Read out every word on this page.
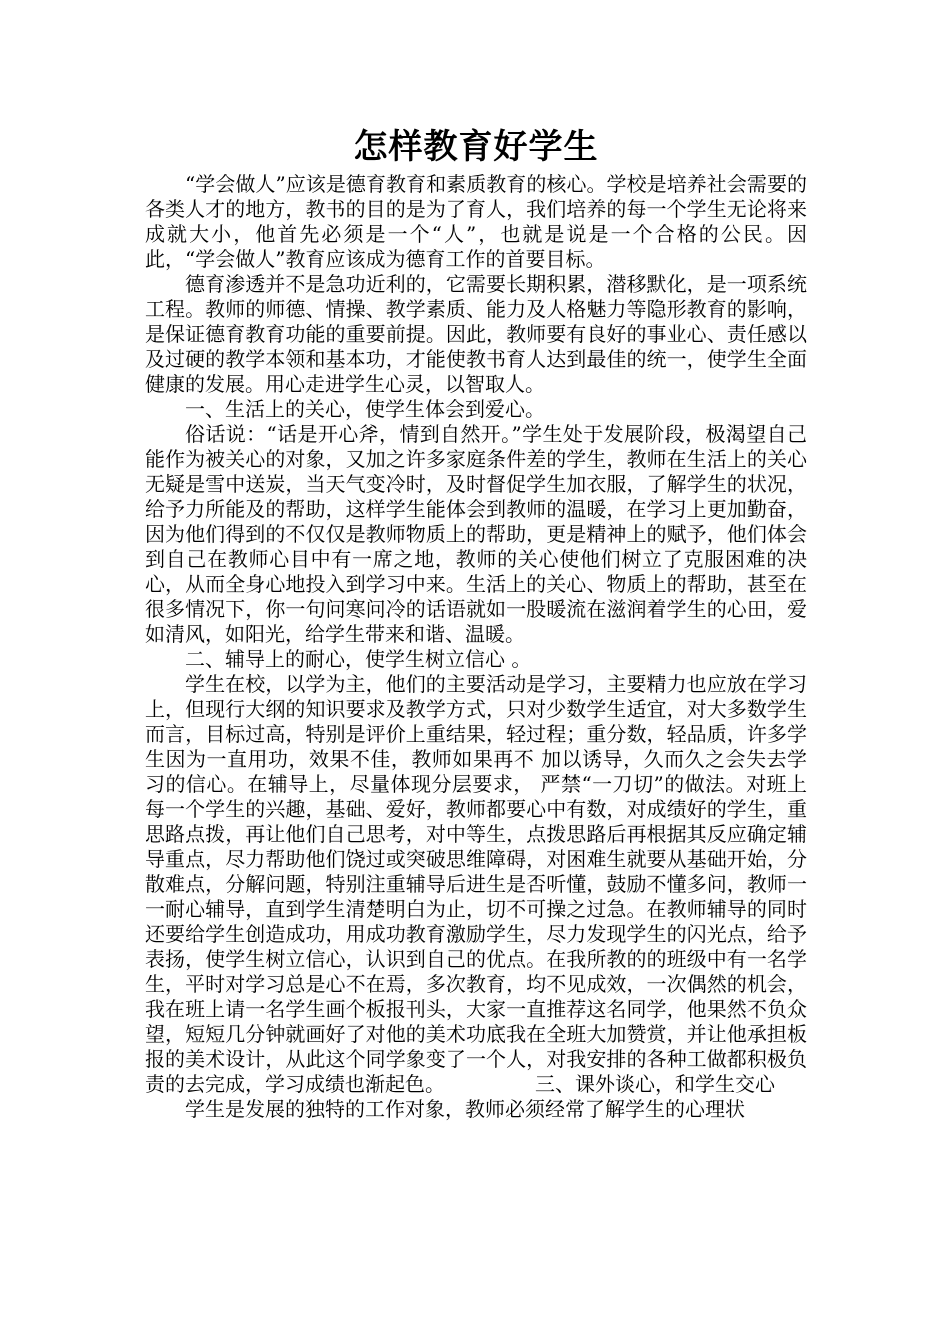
怎样教育好学生

“学会做人”应该是德育教育和素质教育的核心。学校是培养社会需要的各类人才的地方，教书的目的是为了育人，我们培养的每一个学生无论将来成就大小，他首先必须是一个“人”，也就是说是一个合格的公民。因此，“学会做人”教育应该成为德育工作的首要目标。

德育渗透并不是急功近利的，它需要长期积累，潜移默化，是一项系统工程。教师的师德、情操、教学素质、能力及人格魅力等隐形教育的影响，是保证德育教育功能的重要前提。因此，教师要有良好的事业心、责任感以及过硬的教学本领和基本功，才能使教书育人达到最佳的统一，使学生全面健康的发展。用心走进学生心灵，以智取人。

一、生活上的关心，使学生体会到爱心。

俗话说：“话是开心斧，情到自然开。”学生处于发展阶段，极渴望自己能作为被关心的对象，又加之许多家庭条件差的学生，教师在生活上的关心无疑是雪中送炭，当天气变冷时，及时督促学生加衣服，了解学生的状况，给予力所能及的帮助，这样学生能体会到教师的温暖，在学习上更加勤奋，因为他们得到的不仅仅是教师物质上的帮助，更是精神上的赋予，他们体会到自己在教师心目中有一席之地，教师的关心使他们树立了克服困难的决心，从而全身心地投入到学习中来。生活上的关心、物质上的帮助，甚至在很多情况下，你一句问寒问冷的话语就如一股暖流在滋润着学生的心田，爱如清风，如阳光，给学生带来和谐、温暖。

二、辅导上的耐心，使学生树立信心 。

学生在校，以学为主，他们的主要活动是学习，主要精力也应放在学习上，但现行大纲的知识要求及教学方式，只对少数学生适宜，对大多数学生而言，目标过高，特别是评价上重结果，轻过程；重分数，轻品质，许多学生因为一直用功，效果不佳，教师如果再不 加以诱导，久而久之会失去学习的信心。在辅导上，尽量体现分层要求， 严禁“一刀切”的做法。对班上每一个学生的兴趣，基础、爱好，教师都要心中有数，对成绩好的学生，重思路点拨，再让他们自己思考，对中等生，点拨思路后再根据其反应确定辅导重点，尽力帮助他们饶过或突破思维障碍，对困难生就要从基础开始，分散难点，分解问题，特别注重辅导后进生是否听懂，鼓励不懂多问，教师一一耐心辅导，直到学生清楚明白为止，切不可操之过急。在教师辅导的同时还要给学生创造成功，用成功教育激励学生，尽力发现学生的闪光点，给予表扬，使学生树立信心，认识到自己的优点。在我所教的的班级中有一名学生，平时对学习总是心不在焉，多次教育，均不见成效，一次偶然的机会，我在班上请一名学生画个板报刊头，大家一直推荐这名同学，他果然不负众望，短短几分钟就画好了对他的美术功底我在全班大加赞赏，并让他承担板报的美术设计，从此这个同学象变了一个人，对我安排的各种工做都积极负责的去完成，学习成绩也渐起色。　　　　　三、课外谈心，和学生交心

学生是发展的独特的工作对象，教师必须经常了解学生的心理状
